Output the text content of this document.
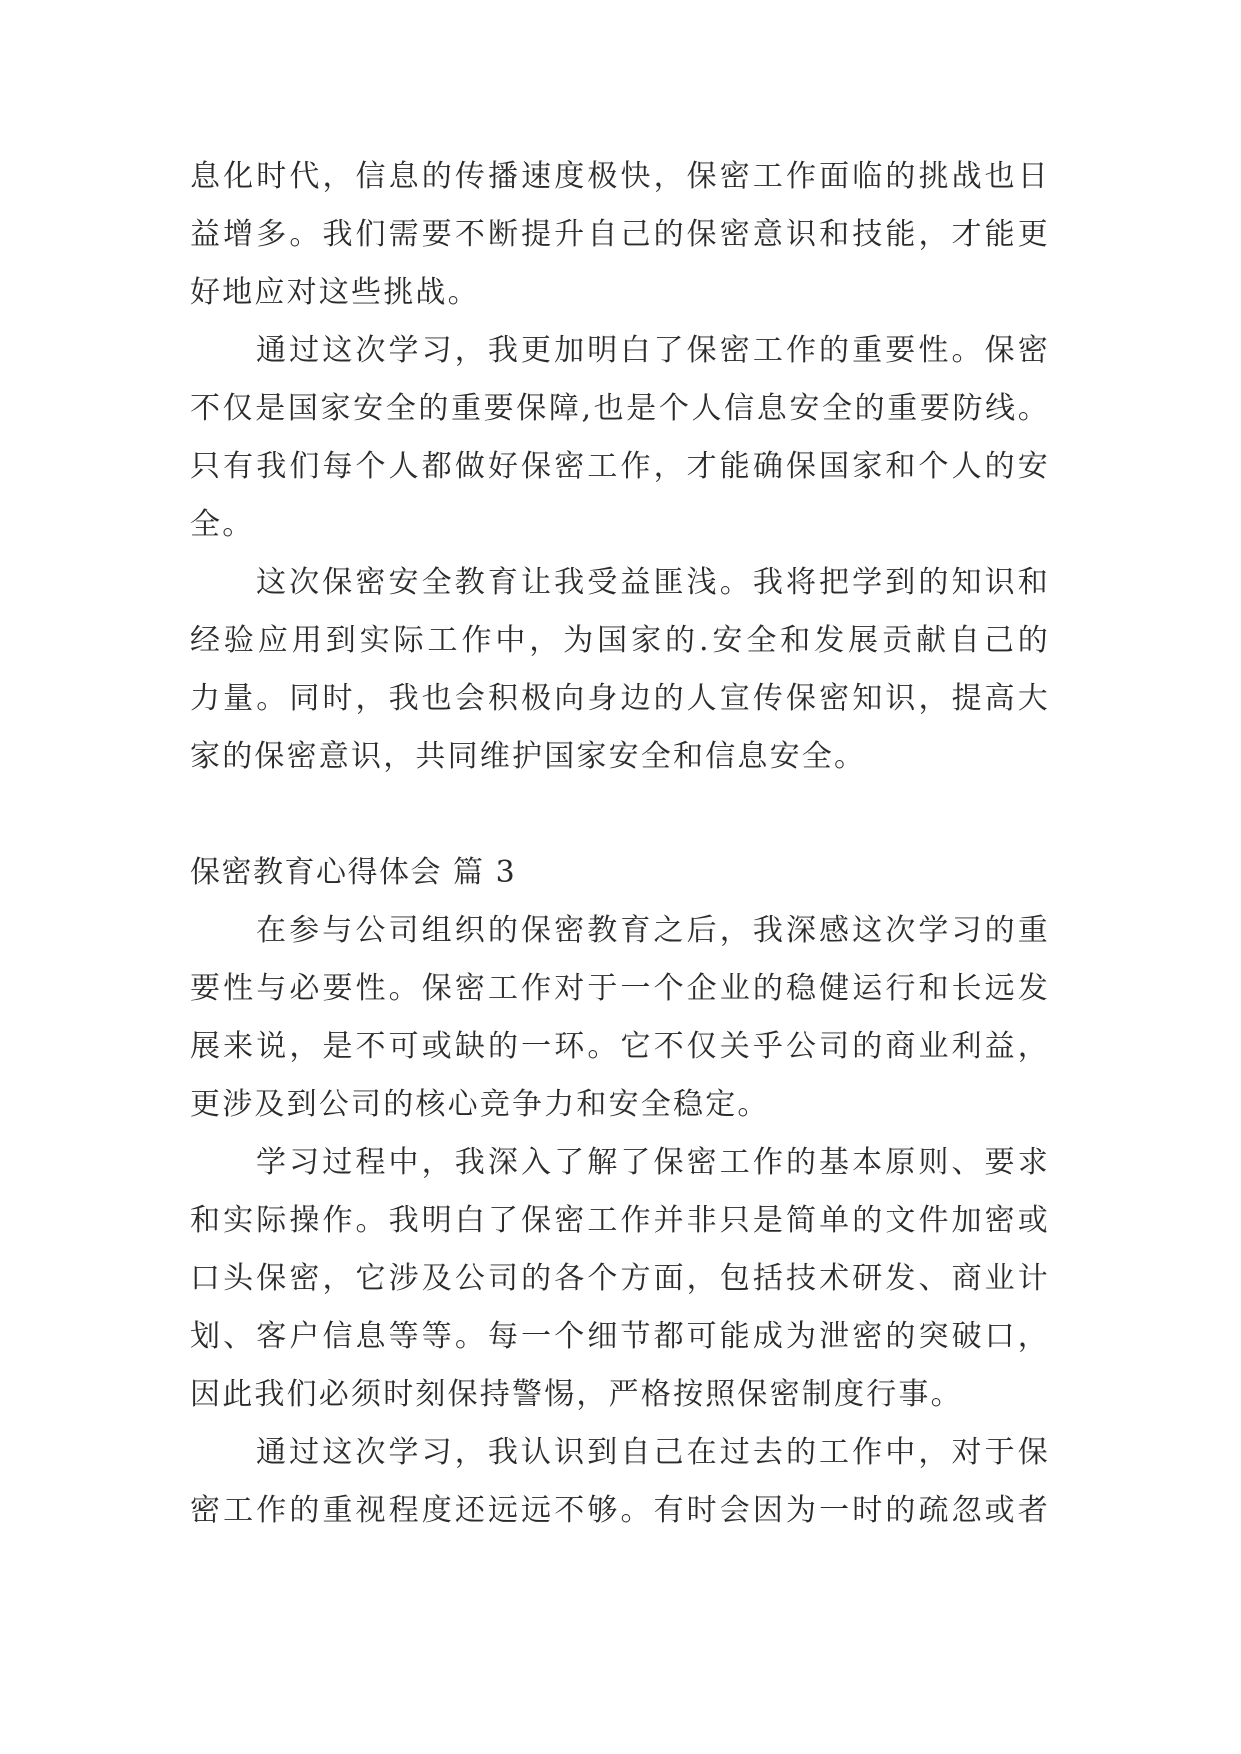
息化时代，信息的传播速度极快，保密工作面临的挑战也日
益增多。我们需要不断提升自己的保密意识和技能，才能更
好地应对这些挑战。
通过这次学习，我更加明白了保密工作的重要性。保密
不仅是国家安全的重要保障,也是个人信息安全的重要防线。
只有我们每个人都做好保密工作，才能确保国家和个人的安
全。
这次保密安全教育让我受益匪浅。我将把学到的知识和
经验应用到实际工作中，为国家的.安全和发展贡献自己的
力量。同时，我也会积极向身边的人宣传保密知识，提高大
家的保密意识，共同维护国家安全和信息安全。
保密教育心得体会 篇 3
在参与公司组织的保密教育之后，我深感这次学习的重
要性与必要性。保密工作对于一个企业的稳健运行和长远发
展来说，是不可或缺的一环。它不仅关乎公司的商业利益，
更涉及到公司的核心竞争力和安全稳定。
学习过程中，我深入了解了保密工作的基本原则、要求
和实际操作。我明白了保密工作并非只是简单的文件加密或
口头保密，它涉及公司的各个方面，包括技术研发、商业计
划、客户信息等等。每一个细节都可能成为泄密的突破口，
因此我们必须时刻保持警惕，严格按照保密制度行事。
通过这次学习，我认识到自己在过去的工作中，对于保
密工作的重视程度还远远不够。有时会因为一时的疏忽或者
